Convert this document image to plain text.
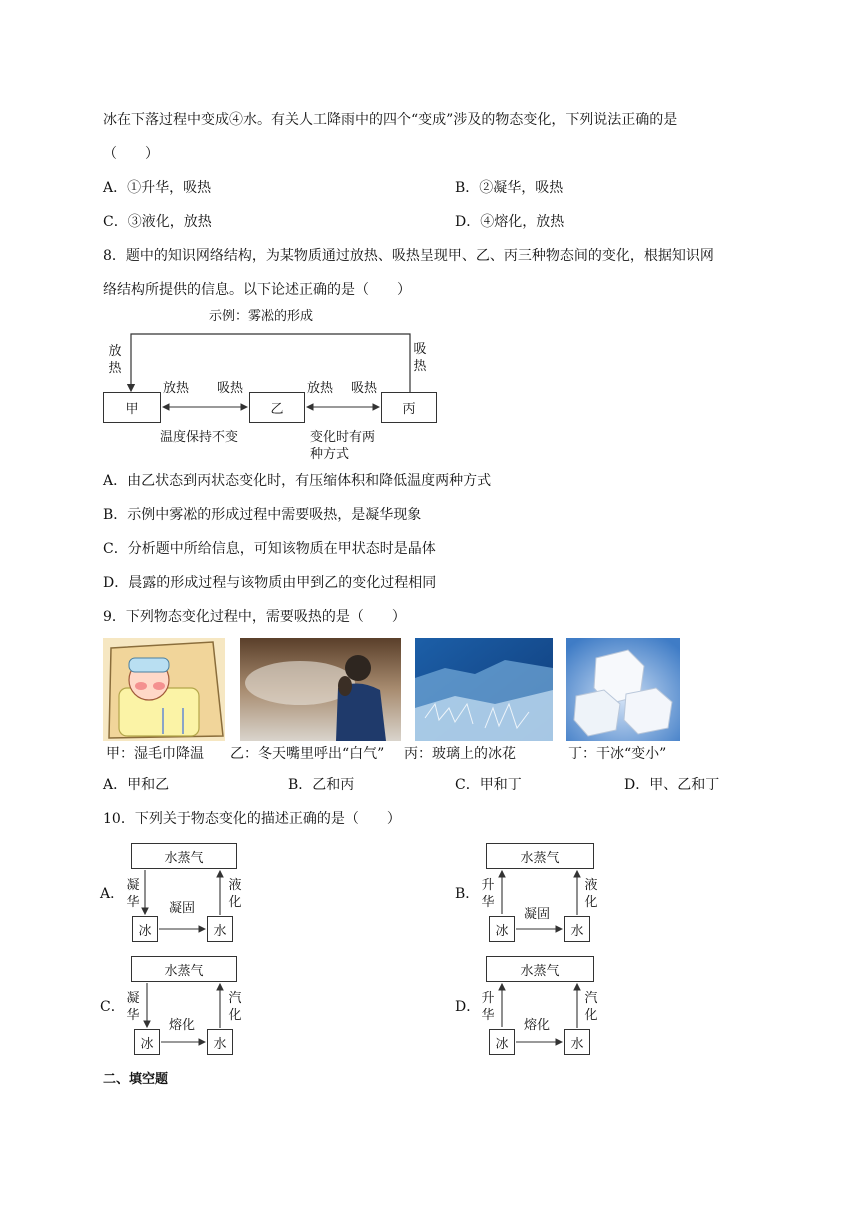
冰在下落过程中变成④水。有关人工降雨中的四个“变成”涉及的物态变化，下列说法正确的是
（　　）
A．①升华，吸热	B．②凝华，吸热
C．③液化，放热	D．④熔化，放热
8．题中的知识网络结构，为某物质通过放热、吸热呈现甲、乙、丙三种物态间的变化，根据知识网
络结构所提供的信息。以下论述正确的是（　　）
示例：雾凇的形成
放热
吸热
甲	乙	丙
放热 吸热	放热 吸热
温度保持不变	变化时有两
种方式
A．由乙状态到丙状态变化时，有压缩体积和降低温度两种方式
B．示例中雾凇的形成过程中需要吸热，是凝华现象
C．分析题中所给信息，可知该物质在甲状态时是晶体
D．晨露的形成过程与该物质由甲到乙的变化过程相同
9．下列物态变化过程中，需要吸热的是（　　）
甲：湿毛巾降温 乙：冬天嘴里呼出“白气” 丙：玻璃上的冰花	丁：干冰“变小”
A．甲和乙	B．乙和丙	C．甲和丁	D．甲、乙和丁
10．下列关于物态变化的描述正确的是（　　）
A．
水蒸气
冰	水
凝华
液化
凝固
B．
水蒸气
冰	水
升华
液化
凝固
C．
水蒸气
冰	水
凝华
汽化
熔化
D．
水蒸气
冰	水
升华
汽化
熔化
二、填空题
